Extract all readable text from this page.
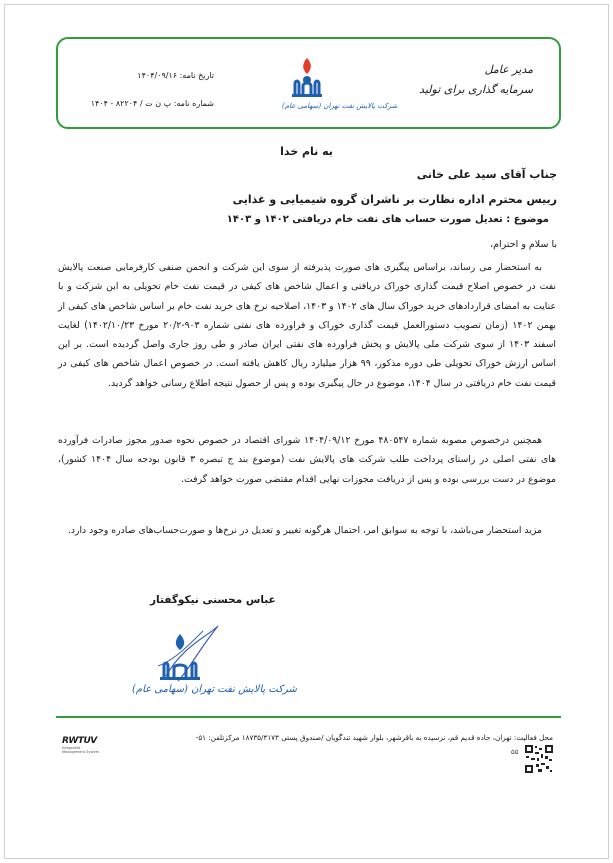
تاریخ نامه: ۱۴۰۴/۰۹/۱۶
شماره نامه: پ ن ت / ۸۲۲۰۴ - ۱۴۰۴	شرکت پالایش نفت تهران (سهامی عام)
مدیر عامل
سرمایه گذاری برای تولید
به نام خدا
جناب آقای سید علی خانی
رییس محترم اداره نظارت بر ناشران گروه شیمیایی و غذایی
موضوع : تعدیل صورت حساب های نفت خام دریافتی ۱۴۰۲ و ۱۴۰۳
با سلام و احترام،

به استحضار می رساند، براساس پیگیری های صورت پذیرفته از سوی این شرکت و انجمن صنفی کارفرمایی صنعت پالایش نفت در خصوص اصلاح قیمت گذاری خوراک دریافتی و اعمال شاخص های کیفی در قیمت نفت خام تحویلی به این شرکت و با عنایت به امضای قراردادهای خرید خوراک سال های ۱۴۰۲ و ۱۴۰۳، اصلاحیه نرخ های خرید نفت خام بر اساس شاخص های کیفی از بهمن ۱۴۰۲ (زمان تصویب دستورالعمل قیمت گذاری خوراک و فراورده های نفتی شماره ۹۰۳-۲۰/۲ مورخ ۱۴۰۲/۱۰/۲۳) لغایت اسفند ۱۴۰۳ از سوی شرکت ملی پالایش و پخش فراورده های نفتی ایران صادر و طی روز جاری واصل گردیده است. بر این اساس ارزش خوراک تحویلی طی دوره مذکور، ۹۹ هزار میلیارد ریال کاهش یافته است. در خصوص اعمال شاخص های کیفی در قیمت نفت خام دریافتی در سال ۱۴۰۴، موضوع در حال پیگیری بوده و پس از حصول نتیجه اطلاع رسانی خواهد گردید.

همچنین درخصوص مصوبه شماره ۴۸۰۵۴۷ مورخ ۱۴۰۴/۰۹/۱۲ شورای اقتصاد در خصوص نحوه صدور مجوز صادرات فرآورده های نفتی اصلی در راستای پرداخت طلب شرکت های پالایش نفت (موضوع بند ج تبصره ۳ قانون بودجه سال ۱۴۰۴ کشور)، موضوع در دست بررسی بوده و پس از دریافت مجوزات نهایی اقدام مقتضی صورت خواهد گرفت.

مزید استحضار می‌باشد، با توجه به سوابق امر، احتمال هرگونه تغییر و تعدیل در نرخ‌ها و صورت‌حساب‌های صادره وجود دارد.

عباس محسنی نیکوگفتار
شرکت پالایش نفت تهران (سهامی عام)
RWTUV
Integrated Management System
محل فعالیت: تهران، جاده قدیم قم، نرسیده به باقرشهر، بلوار شهید تندگویان /صندوق پستی ۱۸۷۳۵/۴۱۷۳ مرکزتلفن: ۵۱-
۵۵
